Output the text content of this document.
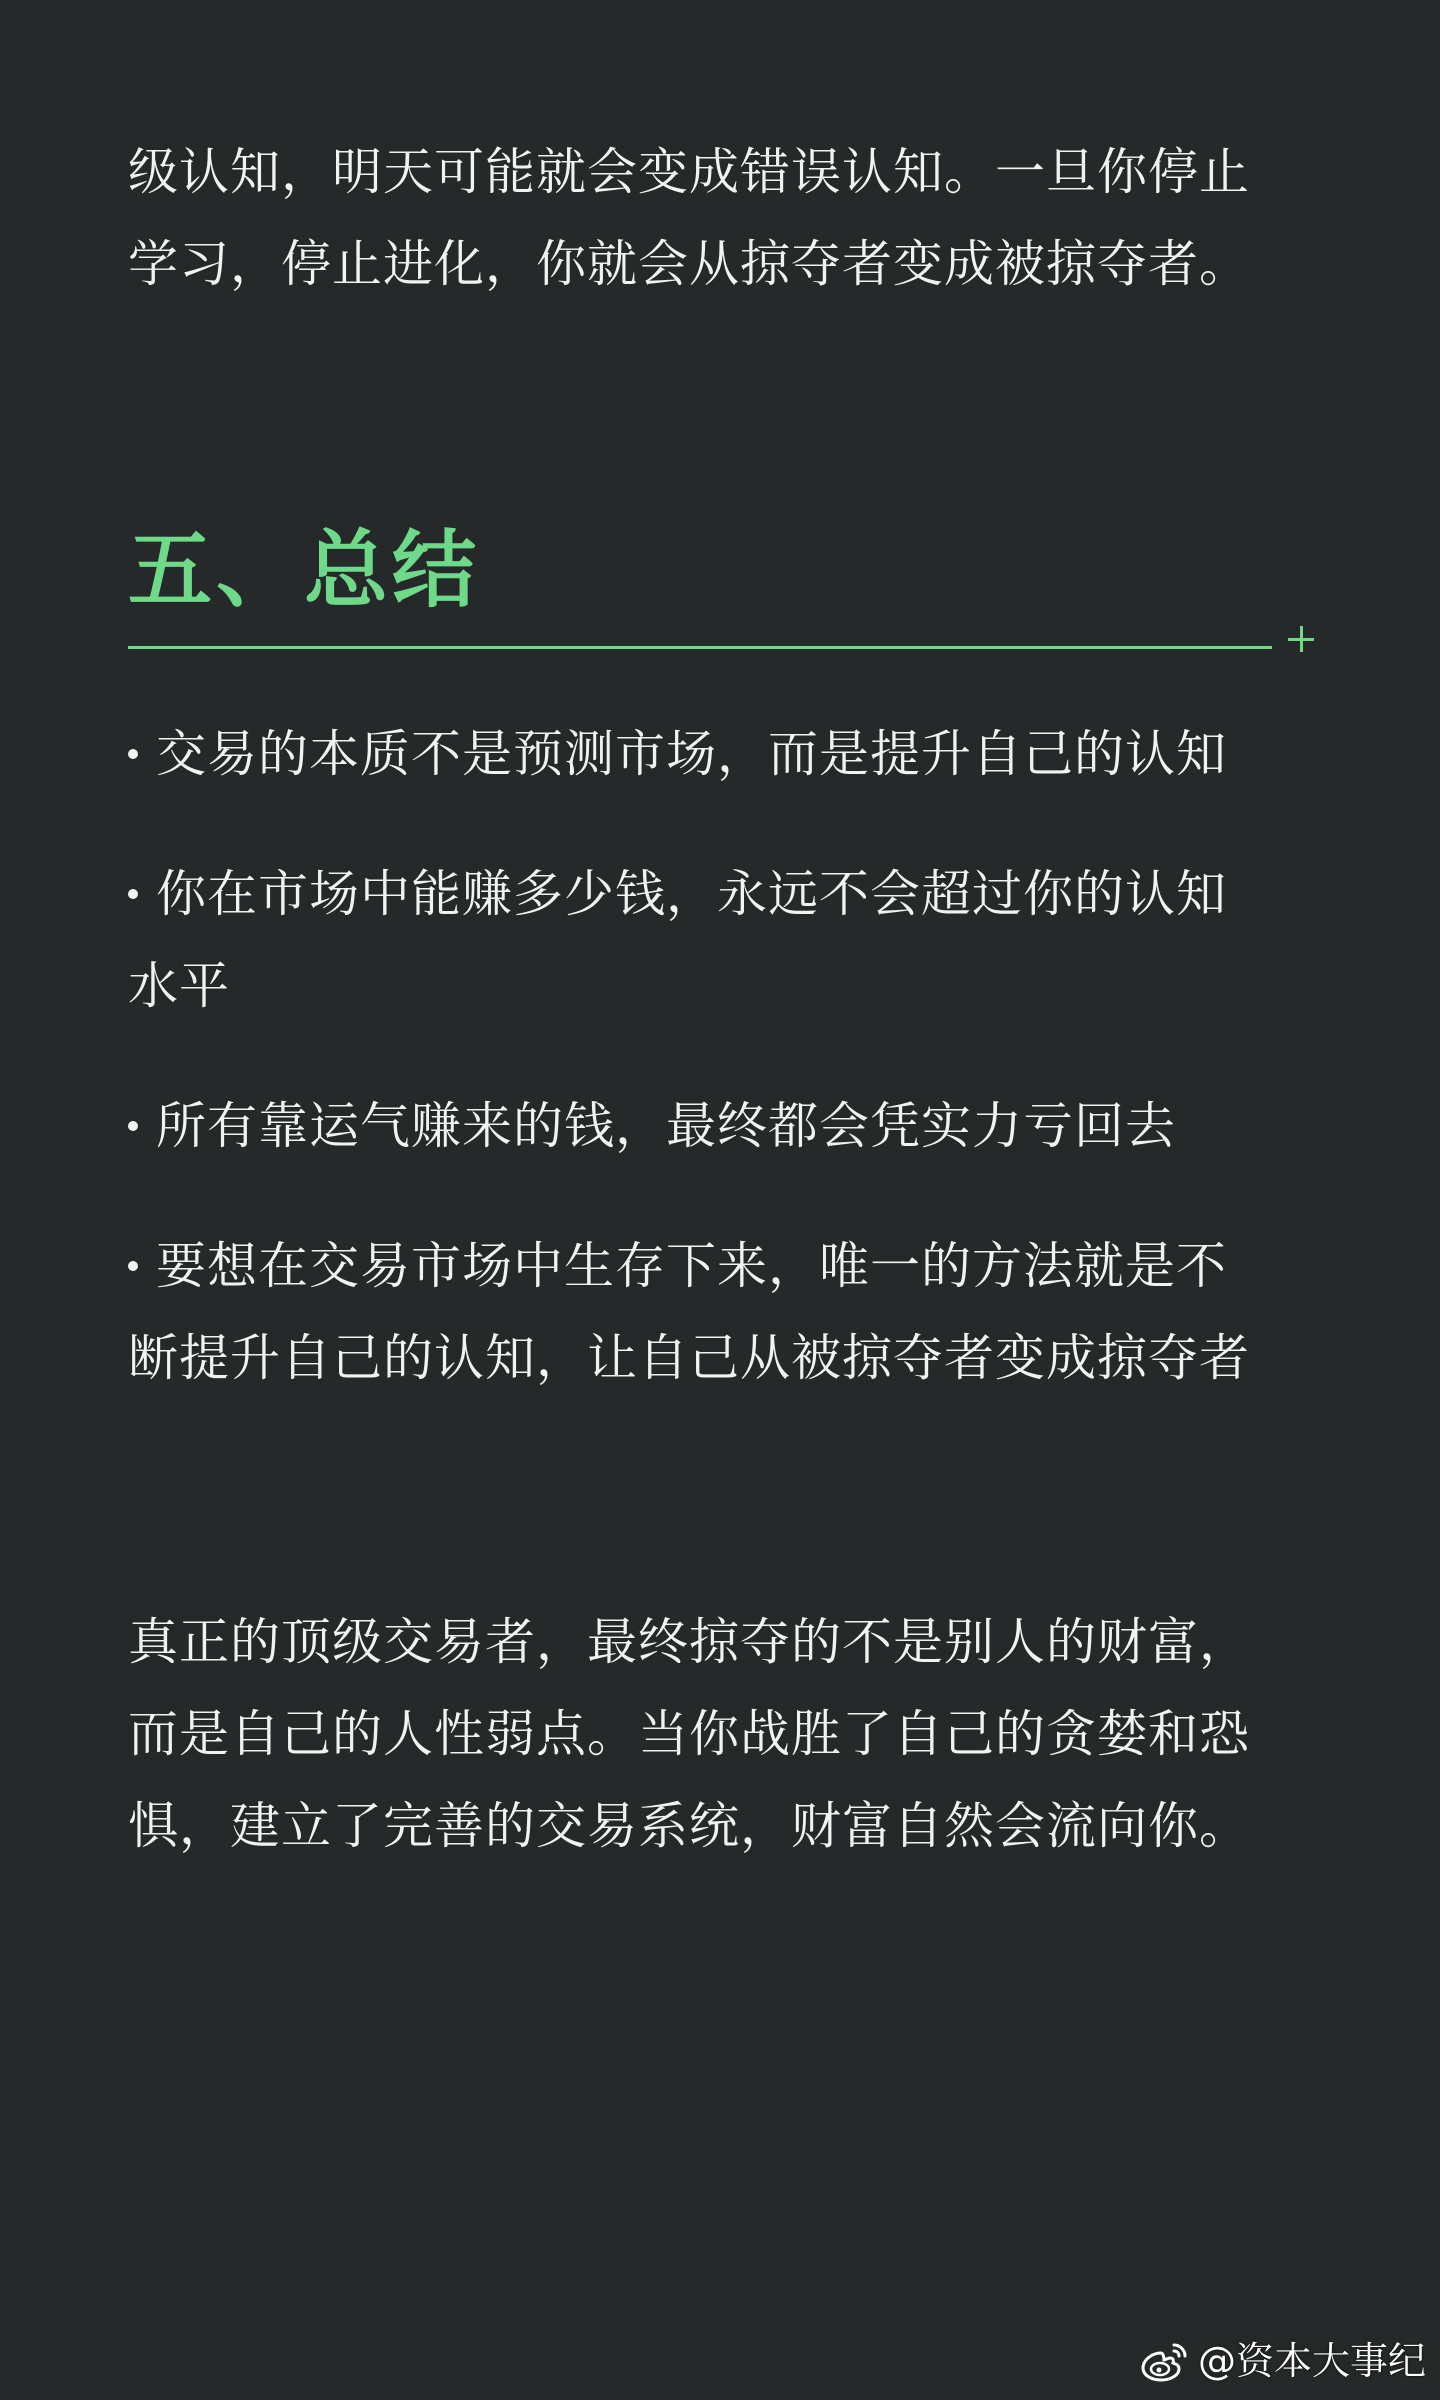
级认知，明天可能就会变成错误认知。一旦你停止
学习，停止进化，你就会从掠夺者变成被掠夺者。

五、总结
交易的本质不是预测市场，而是提升自己的认知
你在市场中能赚多少钱，永远不会超过你的认知
水平
所有靠运气赚来的钱，最终都会凭实力亏回去
要想在交易市场中生存下来，唯一的方法就是不
断提升自己的认知，让自己从被掠夺者变成掠夺者

真正的顶级交易者，最终掠夺的不是别人的财富，
而是自己的人性弱点。当你战胜了自己的贪婪和恐
惧，建立了完善的交易系统，财富自然会流向你。

@资本大事纪
